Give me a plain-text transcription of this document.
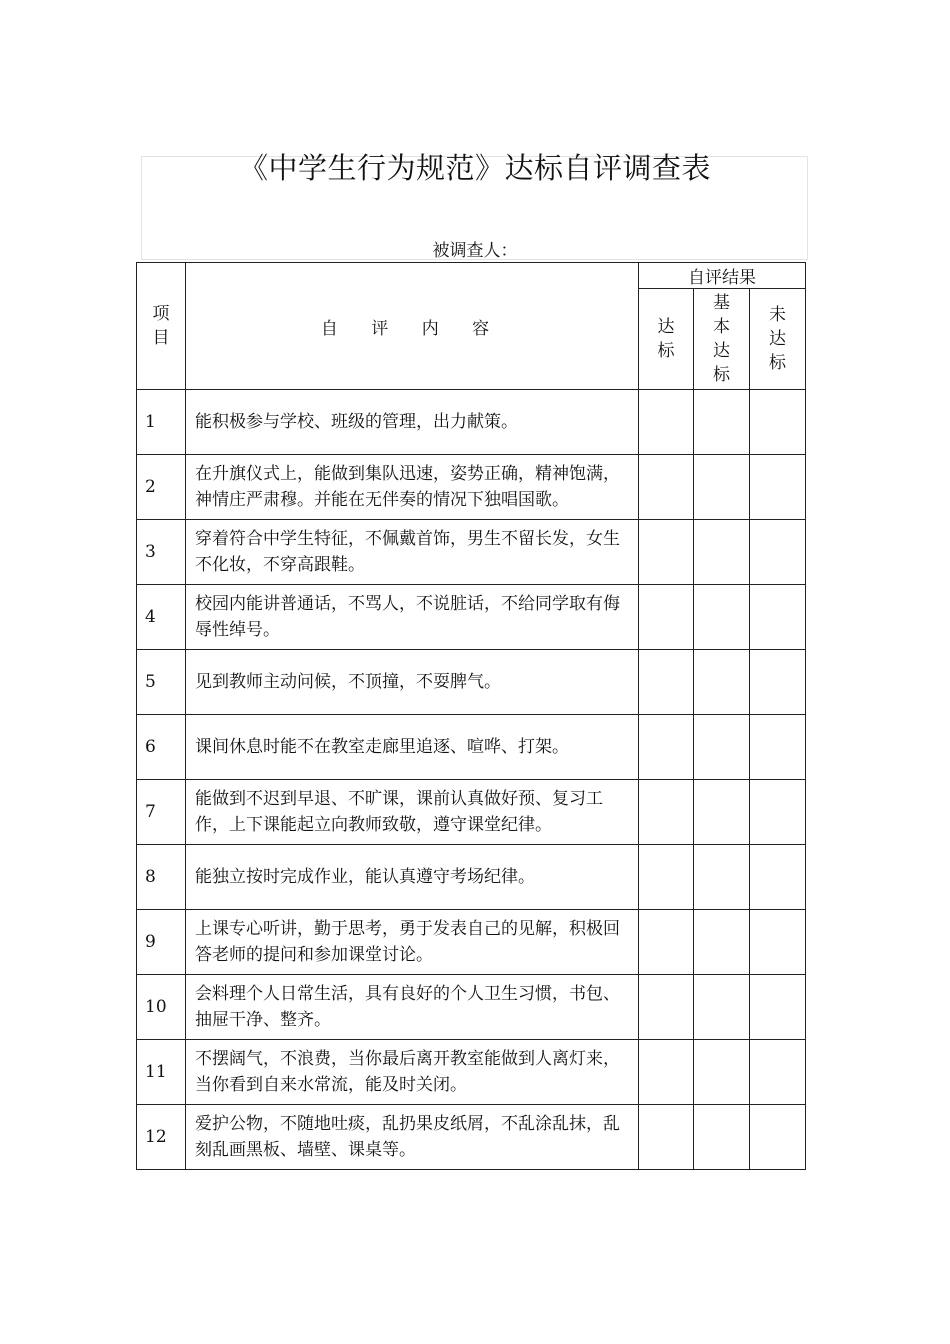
《中学生行为规范》达标自评调查表
被调查人：
项目	自 评 内 容	自评结果		
		达标	基本达标	未达标
1	能积极参与学校、班级的管理，出力献策。			
2	在升旗仪式上，能做到集队迅速，姿势正确，精神饱满，神情庄严肃穆。并能在无伴奏的情况下独唱国歌。			
3	穿着符合中学生特征，不佩戴首饰，男生不留长发，女生不化妆，不穿高跟鞋。			
4	校园内能讲普通话，不骂人，不说脏话，不给同学取有侮辱性绰号。			
5	见到教师主动问候，不顶撞，不耍脾气。			
6	课间休息时能不在教室走廊里追逐、喧哗、打架。			
7	能做到不迟到早退、不旷课，课前认真做好预、复习工作，上下课能起立向教师致敬，遵守课堂纪律。			
8	能独立按时完成作业，能认真遵守考场纪律。			
9	上课专心听讲，勤于思考，勇于发表自己的见解，积极回答老师的提问和参加课堂讨论。			
10	会料理个人日常生活，具有良好的个人卫生习惯，书包、抽屉干净、整齐。			
11	不摆阔气，不浪费，当你最后离开教室能做到人离灯来，当你看到自来水常流，能及时关闭。			
12	爱护公物，不随地吐痰，乱扔果皮纸屑，不乱涂乱抹，乱刻乱画黑板、墙壁、课桌等。			
